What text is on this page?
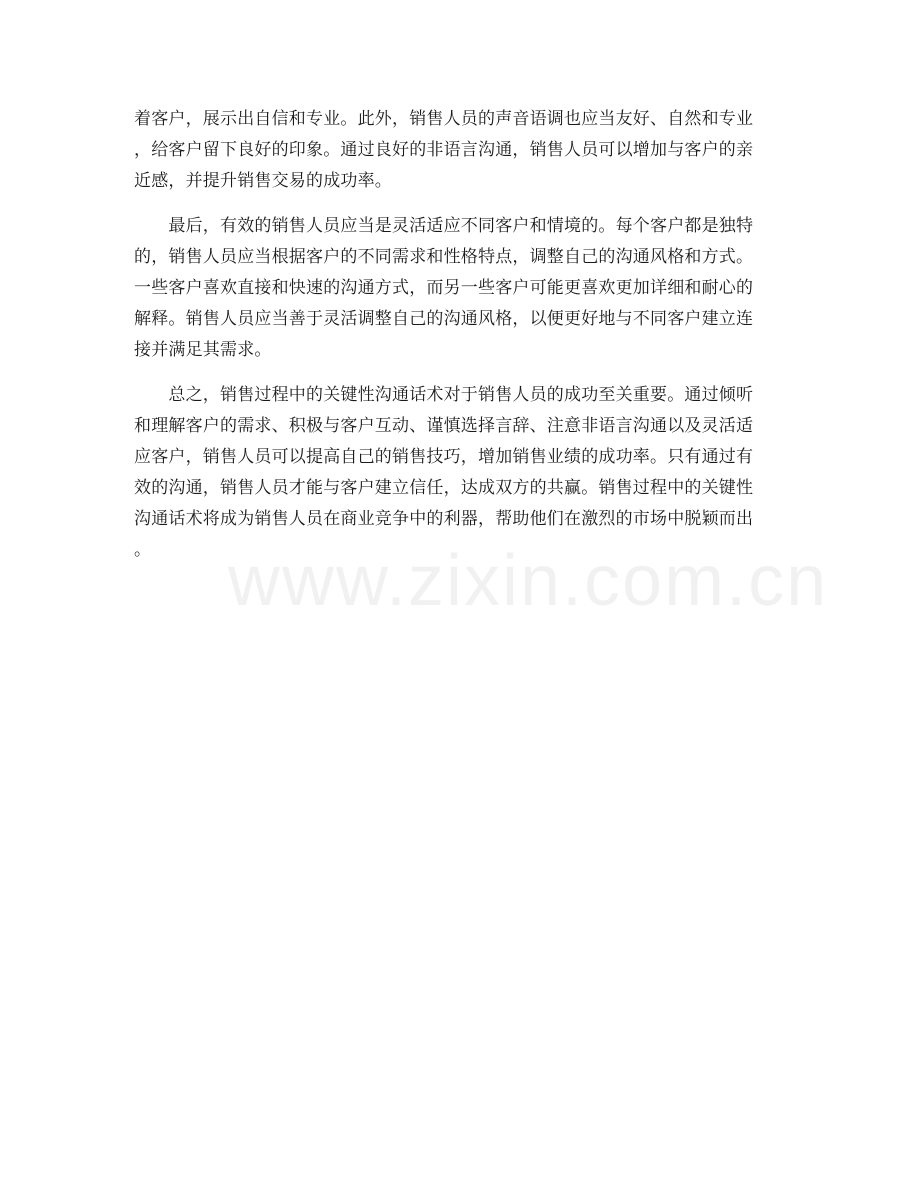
着客户，展示出自信和专业。此外，销售人员的声音语调也应当友好、自然和专业
，给客户留下良好的印象。通过良好的非语言沟通，销售人员可以增加与客户的亲
近感，并提升销售交易的成功率。
　　最后，有效的销售人员应当是灵活适应不同客户和情境的。每个客户都是独特
的，销售人员应当根据客户的不同需求和性格特点，调整自己的沟通风格和方式。
一些客户喜欢直接和快速的沟通方式，而另一些客户可能更喜欢更加详细和耐心的
解释。销售人员应当善于灵活调整自己的沟通风格，以便更好地与不同客户建立连
接并满足其需求。
　　总之，销售过程中的关键性沟通话术对于销售人员的成功至关重要。通过倾听
和理解客户的需求、积极与客户互动、谨慎选择言辞、注意非语言沟通以及灵活适
应客户，销售人员可以提高自己的销售技巧，增加销售业绩的成功率。只有通过有
效的沟通，销售人员才能与客户建立信任，达成双方的共赢。销售过程中的关键性
沟通话术将成为销售人员在商业竞争中的利器，帮助他们在激烈的市场中脱颖而出
。	www.zixin.com.cn
